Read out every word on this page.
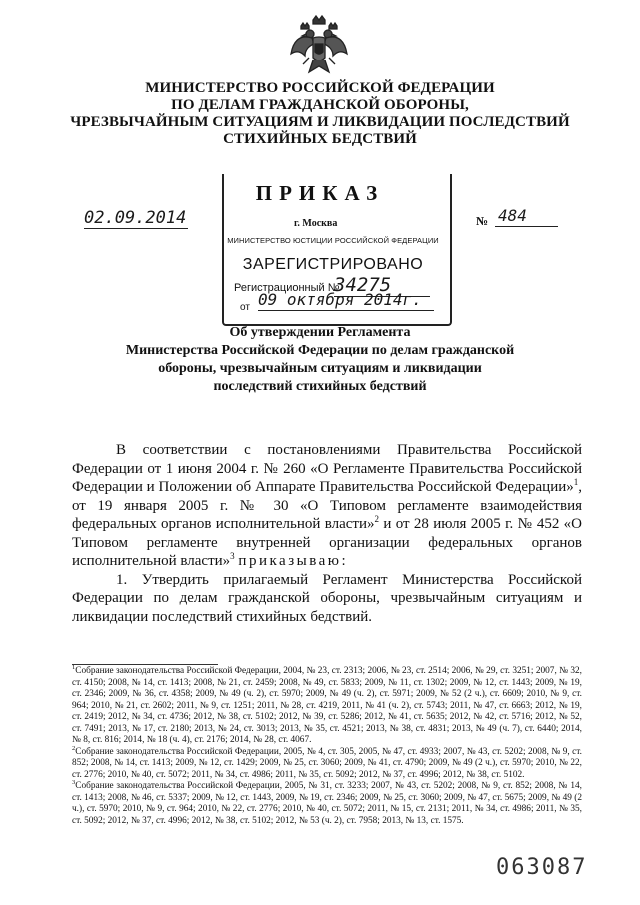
МИНИСТЕРСТВО РОССИЙСКОЙ ФЕДЕРАЦИИ
ПО ДЕЛАМ ГРАЖДАНСКОЙ ОБОРОНЫ,
ЧРЕЗВЫЧАЙНЫМ СИТУАЦИЯМ И ЛИКВИДАЦИИ ПОСЛЕДСТВИЙ
СТИХИЙНЫХ БЕДСТВИЙ
ПРИКАЗ
г. Москва
02.09.2014	№ 484
МИНИСТЕРСТВО ЮСТИЦИИ РОССИЙСКОЙ ФЕДЕРАЦИИ
ЗАРЕГИСТРИРОВАНО
Регистрационный №
34275
от 09 октября 2014г.
Об утверждении Регламента
Министерства Российской Федерации по делам гражданской
обороны, чрезвычайным ситуациям и ликвидации
последствий стихийных бедствий

В соответствии с постановлениями Правительства Российской Федерации от 1 июня 2004 г. № 260 «О Регламенте Правительства Российской Федерации и Положении об Аппарате Правительства Российской Федерации»$^1$, от 19 января 2005 г. № 30 «О Типовом регламенте взаимодействия федеральных органов исполнительной власти»$^2$ и от 28 июля 2005 г. № 452 «О Типовом регламенте внутренней организации федеральных органов исполнительной власти»$^3$ приказываю:

1. Утвердить прилагаемый Регламент Министерства Российской Федерации по делам гражданской обороны, чрезвычайным ситуациям и ликвидации последствий стихийных бедствий.

$^1$Собрание законодательства Российской Федерации, 2004, № 23, ст. 2313; 2006, № 23, ст. 2514; 2006, № 29, ст. 3251; 2007, № 32, ст. 4150; 2008, № 14, ст. 1413; 2008, № 21, ст. 2459; 2008, № 49, ст. 5833; 2009, № 11, ст. 1302; 2009, № 12, ст. 1443; 2009, № 19, ст. 2346; 2009, № 36, ст. 4358; 2009, № 49 (ч. 2), ст. 5970; 2009, № 49 (ч. 2), ст. 5971; 2009, № 52 (2 ч.), ст. 6609; 2010, № 9, ст. 964; 2010, № 21, ст. 2602; 2011, № 9, ст. 1251; 2011, № 28, ст. 4219, 2011, № 41 (ч. 2), ст. 5743; 2011, № 47, ст. 6663; 2012, № 19, ст. 2419; 2012, № 34, ст. 4736; 2012, № 38, ст. 5102; 2012, № 39, ст. 5286; 2012, № 41, ст. 5635; 2012, № 42, ст. 5716; 2012, № 52, ст. 7491; 2013, № 17, ст. 2180; 2013, № 24, ст. 3013; 2013, № 35, ст. 4521; 2013, № 38, ст. 4831; 2013, № 49 (ч. 7), ст. 6440; 2014, № 8, ст. 816; 2014, № 18 (ч. 4), ст. 2176; 2014, № 28, ст. 4067.

$^2$Собрание законодательства Российской Федерации, 2005, № 4, ст. 305, 2005, № 47, ст. 4933; 2007, № 43, ст. 5202; 2008, № 9, ст. 852; 2008, № 14, ст. 1413; 2009, № 12, ст. 1429; 2009, № 25, ст. 3060; 2009, № 41, ст. 4790; 2009, № 49 (2 ч.), ст. 5970; 2010, № 22, ст. 2776; 2010, № 40, ст. 5072; 2011, № 34, ст. 4986; 2011, № 35, ст. 5092; 2012, № 37, ст. 4996; 2012, № 38, ст. 5102.

$^3$Собрание законодательства Российской Федерации, 2005, № 31, ст. 3233; 2007, № 43, ст. 5202; 2008, № 9, ст. 852; 2008, № 14, ст. 1413; 2008, № 46, ст. 5337; 2009, № 12, ст. 1443, 2009, № 19, ст. 2346; 2009, № 25, ст. 3060; 2009, № 47, ст. 5675; 2009, № 49 (2 ч.), ст. 5970; 2010, № 9, ст. 964; 2010, № 22, ст. 2776; 2010, № 40, ст. 5072; 2011, № 15, ст. 2131; 2011, № 34, ст. 4986; 2011, № 35, ст. 5092; 2012, № 37, ст. 4996; 2012, № 38, ст. 5102; 2012, № 53 (ч. 2), ст. 7958; 2013, № 13, ст. 1575.

063087
